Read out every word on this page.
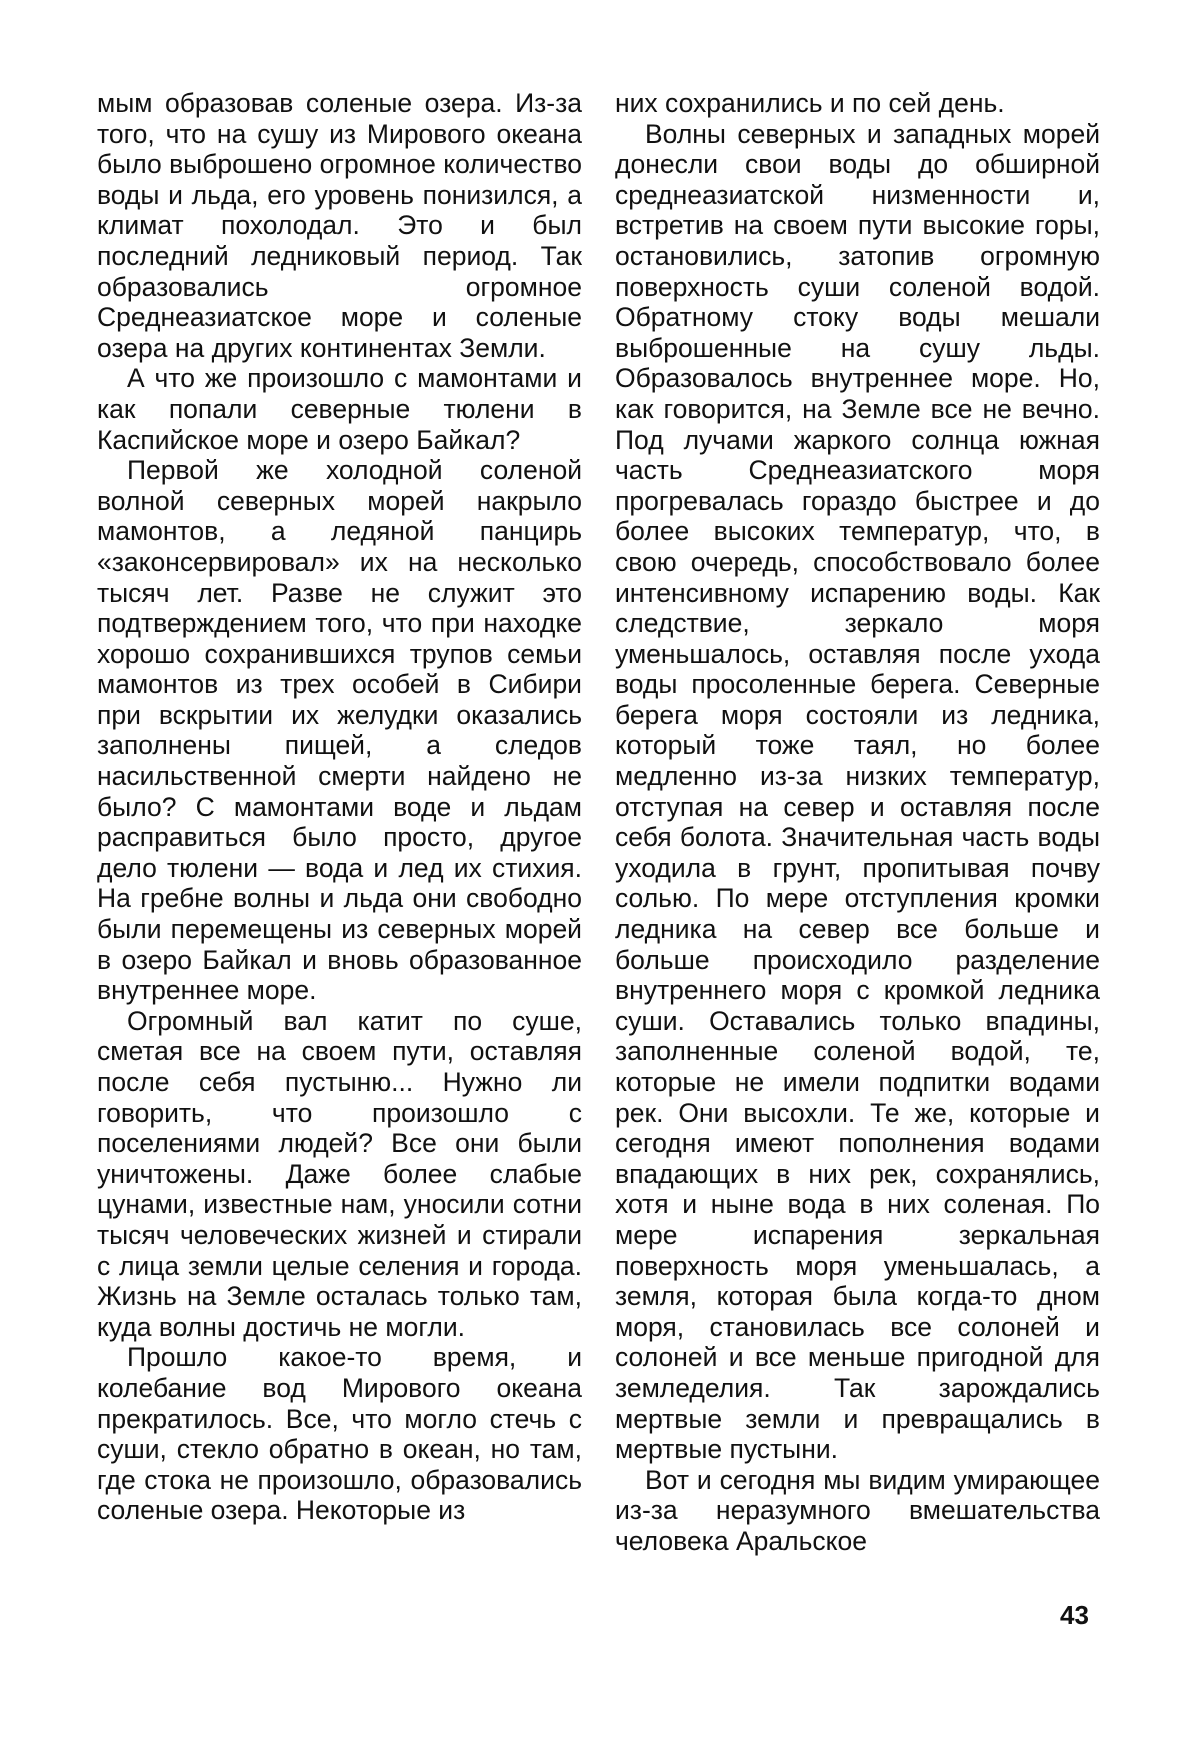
мым образовав соленые озера. Из-за того, что на сушу из Мирового океана было выброшено огромное количество воды и льда, его уровень понизился, а климат похолодал. Это и был последний ледниковый период. Так образовались огромное Среднеазиатское море и соленые озера на других континентах Земли.

А что же произошло с мамонтами и как попали северные тюлени в Каспийское море и озеро Байкал?

Первой же холодной соленой волной северных морей накрыло мамонтов, а ледяной панцирь «законсервировал» их на несколько тысяч лет. Разве не служит это подтверждением того, что при находке хорошо сохранившихся трупов семьи мамонтов из трех особей в Сибири при вскрытии их желудки оказались заполнены пищей, а следов насильственной смерти найдено не было? С мамонтами воде и льдам расправиться было просто, другое дело тюлени — вода и лед их стихия. На гребне волны и льда они свободно были перемещены из северных морей в озеро Байкал и вновь образованное внутреннее море.

Огромный вал катит по суше, сметая все на своем пути, оставляя после себя пустыню... Нужно ли говорить, что произошло с поселениями людей? Все они были уничтожены. Даже более слабые цунами, известные нам, уносили сотни тысяч человеческих жизней и стирали с лица земли целые селения и города. Жизнь на Земле осталась только там, куда волны достичь не могли.

Прошло какое-то время, и колебание вод Мирового океана прекратилось. Все, что могло стечь с суши, стекло обратно в океан, но там, где стока не произошло, образовались соленые озера. Некоторые из

них сохранились и по сей день.

Волны северных и западных морей донесли свои воды до обширной среднеазиатской низменности и, встретив на своем пути высокие горы, остановились, затопив огромную поверхность суши соленой водой. Обратному стоку воды мешали выброшенные на сушу льды. Образовалось внутреннее море. Но, как говорится, на Земле все не вечно. Под лучами жаркого солнца южная часть Среднеазиатского моря прогревалась гораздо быстрее и до более высоких температур, что, в свою очередь, способствовало более интенсивному испарению воды. Как следствие, зеркало моря уменьшалось, оставляя после ухода воды просоленные берега. Северные берега моря состояли из ледника, который тоже таял, но более медленно из-за низких температур, отступая на север и оставляя после себя болота. Значительная часть воды уходила в грунт, пропитывая почву солью. По мере отступления кромки ледника на север все больше и больше происходило разделение внутреннего моря с кромкой ледника суши. Оставались только впадины, заполненные соленой водой, те, которые не имели подпитки водами рек. Они высохли. Те же, которые и сегодня имеют пополнения водами впадающих в них рек, сохранялись, хотя и ныне вода в них соленая. По мере испарения зеркальная поверхность моря уменьшалась, а земля, которая была когда-то дном моря, становилась все солоней и солоней и все меньше пригодной для земледелия. Так зарождались мертвые земли и превращались в мертвые пустыни.

Вот и сегодня мы видим умирающее из-за неразумного вмешательства человека Аральское

43
